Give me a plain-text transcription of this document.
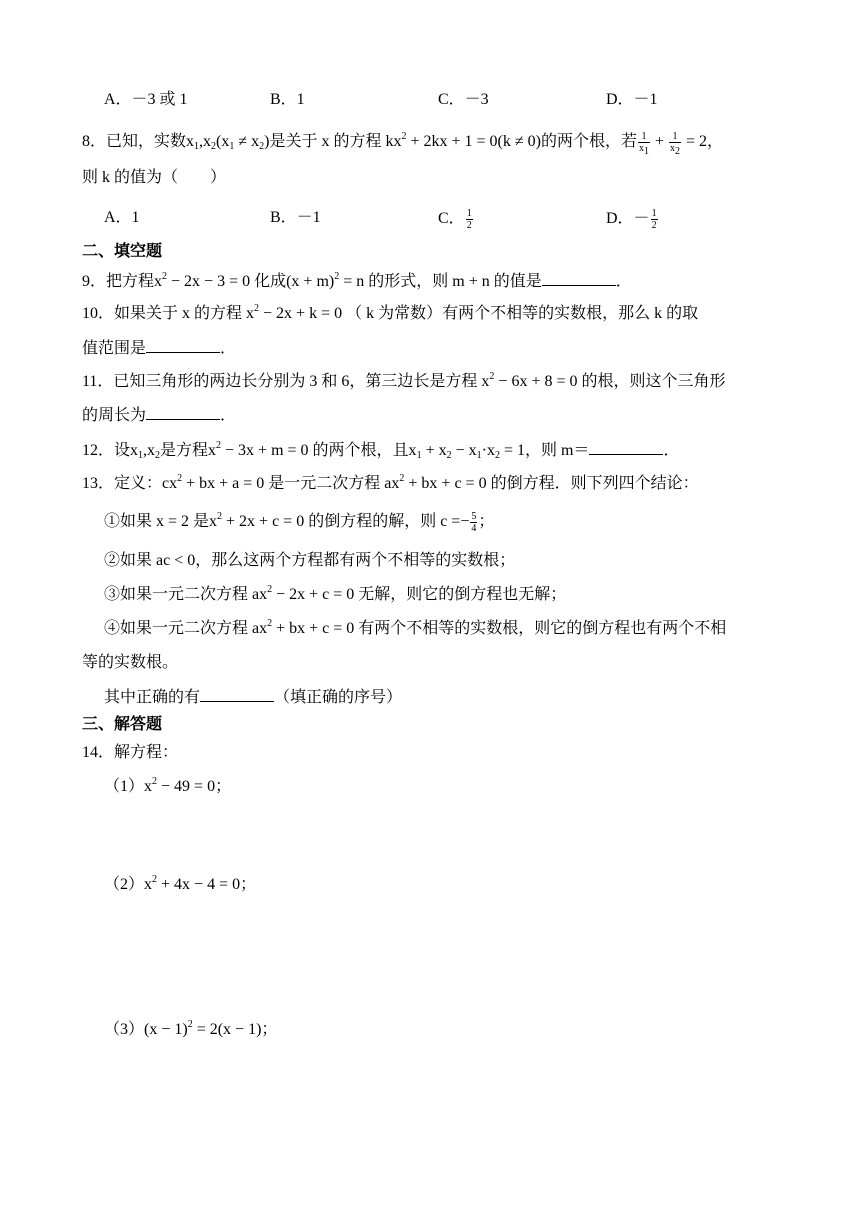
A．－3 或 1	B．1	C．－3	D．－1
8．已知，实数$x_1,x_2(x_1 \ne x_2)$是关于 x 的方程 $kx^2 + 2kx + 1 = 0(k \ne 0)$的两个根，若 $\frac{1}{x_1} + \frac{1}{x_2} = 2$，
则 k 的值为（　　）
A．1	B．－1	C． $\frac{1}{2}$	D．－ $\frac{1}{2}$
二、填空题
9．把方程$x^2 - 2x - 3 = 0$ 化成$(x + m)^2 = n$ 的形式，则 m + n 的值是	．
10．如果关于 x 的方程 $x^2 - 2x + k = 0$ （ k 为常数）有两个不相等的实数根，那么 k 的取
值范围是	．
11．已知三角形的两边长分别为 3 和 6，第三边长是方程 $x^2 - 6x + 8 = 0$ 的根，则这个三角形
的周长为	．
12．设$x_1,x_2$是方程$x^2 - 3x + m = 0$ 的两个根，且$x_1 + x_2 - x_1\cdot x_2 = 1$，则 m＝	．
13．定义：$cx^2$ + bx + a = 0 是一元二次方程 $ax^2$ + bx + c = 0 的倒方程．则下列四个结论：
①如果 x = 2 是$x^2 + 2x + c = 0$ 的倒方程的解，则 $c =- \frac{5}{4}$ ；
②如果 ac < 0，那么这两个方程都有两个不相等的实数根；
③如果一元二次方程 $ax^2 - 2x + c = 0$ 无解，则它的倒方程也无解；
④如果一元二次方程 $ax^2$ + bx + c = 0 有两个不相等的实数根，则它的倒方程也有两个不相
等的实数根。
其中正确的有	（填正确的序号）
三、解答题
14．解方程：
$(1)x^2 - 49 = 0$；
$(2)x^2 + 4x - 4 = 0$；
$(3)(x - 1)^2 = 2(x - 1)$；
